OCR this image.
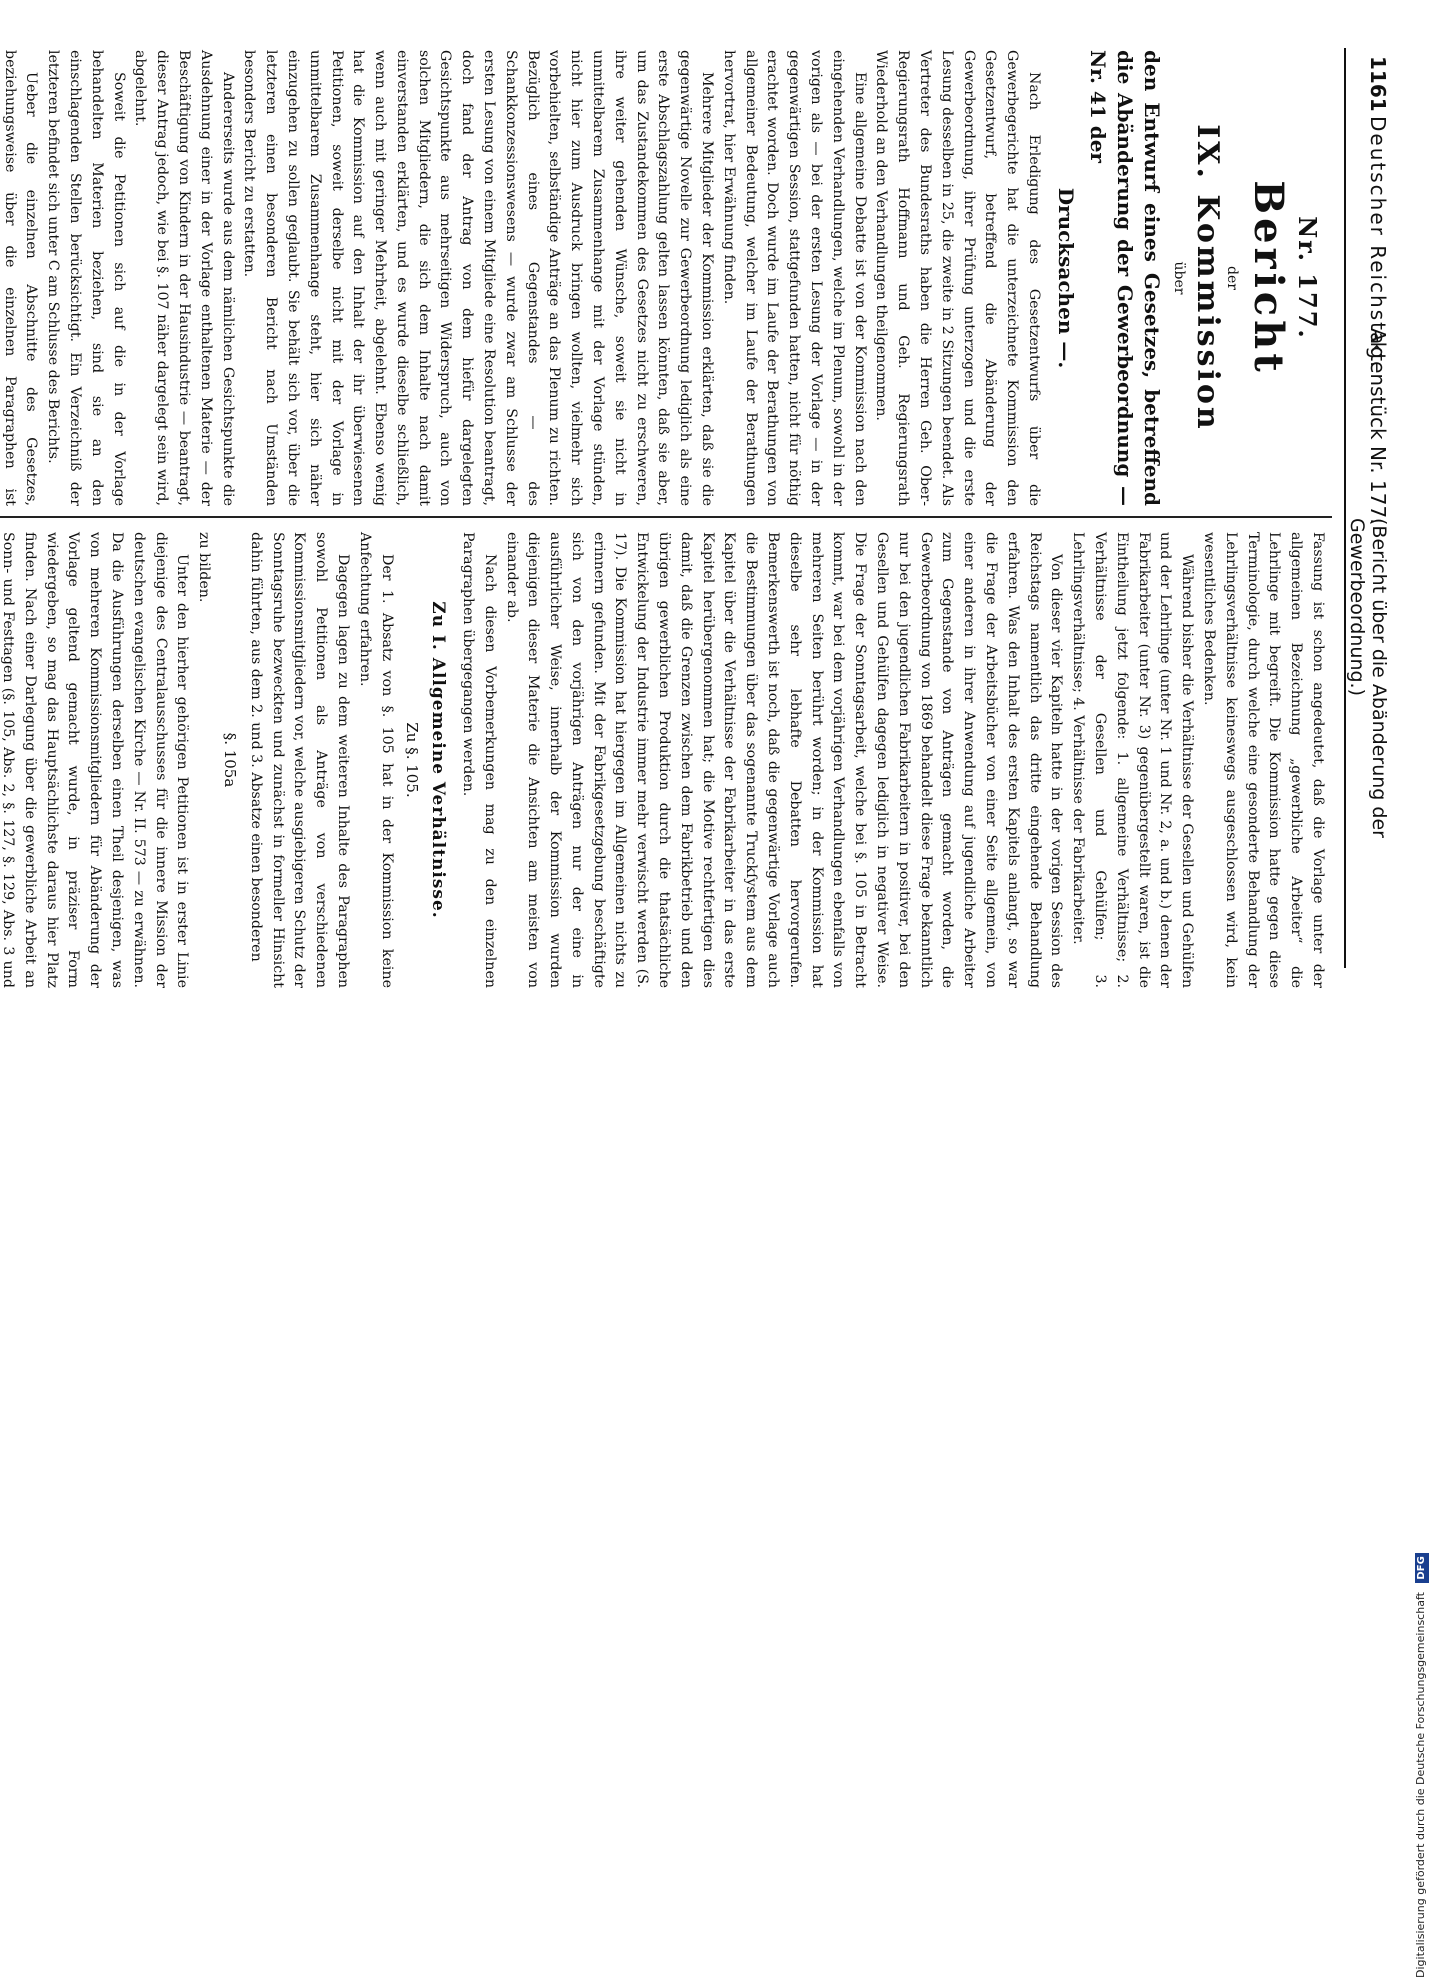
1161
Deutscher Reichstag.
Aktenstück Nr. 177.
(Bericht über die Abänderung der Gewerbeordnung.)
Nr. 177.
Bericht
der
IX. Kommission
über
den Entwurf eines Gesetzes, betreffend die Abänderung der Gewerbeordnung — Nr. 41 der
Drucksachen —.

Nach Erledigung des Gesetzentwurfs über die Gewerbegerichte hat die unterzeichnete Kommission den Gesetzentwurf, betreffend die Abänderung der Gewerbeordnung, ihrer Prüfung unterzogen und die erste Lesung desselben in 25, die zweite in 2 Sitzungen beendet. Als Vertreter des Bundesraths haben die Herren Geh. Ober-Regierungsrath Hoffmann und Geh. Regierungsrath Wiederhold an den Verhandlungen theilgenommen.

Eine allgemeine Debatte ist von der Kommission nach den eingehenden Verhandlungen, welche im Plenum, sowohl in der vorigen als — bei der ersten Lesung der Vorlage — in der gegenwärtigen Session, stattgefunden hatten, nicht für nöthig erachtet worden. Doch wurde im Laufe der Berathungen von allgemeiner Bedeutung, welcher im Laufe der Berathungen hervortrat, hier Erwähnung finden.

Mehrere Mitglieder der Kommission erklärten, daß sie die gegenwärtige Novelle zur Gewerbeordnung lediglich als eine erste Abschlagszahlung gelten lassen könnten, daß sie aber, um das Zustandekommen des Gesetzes nicht zu erschweren, ihre weiter gehenden Wünsche, soweit sie nicht in unmittelbarem Zusammenhange mit der Vorlage stünden, nicht hier zum Ausdruck bringen wollten, vielmehr sich vorbehielten, selbständige Anträge an das Plenum zu richten. Bezüglich eines Gegenstandes — des Schankkonzessionswesens — wurde zwar am Schlusse der ersten Lesung von einem Mitgliede eine Resolution beantragt, doch fand der Antrag von dem hiefür dargelegten Gesichtspunkte aus mehrseitigen Widerspruch, auch von solchen Mitgliedern, die sich dem Inhalte nach damit einverstanden erklärten, und es wurde dieselbe schließlich, wenn auch mit geringer Mehrheit, abgelehnt. Ebenso wenig hat die Kommission auf den Inhalt der ihr überwiesenen Petitionen, soweit derselbe nicht mit der Vorlage in unmittelbarem Zusammenhange steht, hier sich näher einzugehen zu sollen geglaubt. Sie behält sich vor, über die letzteren einen besonderen Bericht nach Umständen besonders Bericht zu erstatten.

Andererseits wurde aus dem nämlichen Gesichtspunkte die Ausdehnung einer in der Vorlage enthaltenen Materie — der Beschäftigung von Kindern in der Hausindustrie — beantragt, dieser Antrag jedoch, wie bei §. 107 näher dargelegt sein wird, abgelehnt.

Soweit die Petitionen sich auf die in der Vorlage behandelten Materien beziehen, sind sie an den einschlagenden Stellen berücksichtigt. Ein Verzeichniß der letzteren befindet sich unter C am Schlusse des Berichts.

Ueber die einzelnen Abschnitte des Gesetzes, beziehungsweise über die einzelnen Paragraphen ist

Fassung ist schon angedeutet, daß die Vorlage unter der allgemeinen Bezeichnung „gewerbliche Arbeiter“ die Lehrlinge mit begreift. Die Kommission hatte gegen diese Terminologie, durch welche eine gesonderte Behandlung der Lehrlingsverhältnisse keineswegs ausgeschlossen wird, kein wesentliches Bedenken.

Während bisher die Verhältnisse der Gesellen und Gehülfen und der Lehrlinge (unter Nr. 1 und Nr. 2, a. und b.) denen der Fabrikarbeiter (unter Nr. 3) gegenübergestellt waren, ist die Eintheilung jetzt folgende: 1. allgemeine Verhältnisse; 2. Verhältnisse der Gesellen und Gehülfen; 3. Lehrlingsverhältnisse; 4. Verhältnisse der Fabrikarbeiter.

Von dieser vier Kapiteln hatte in der vorigen Session des Reichstags namentlich das dritte eingehende Behandlung erfahren. Was den Inhalt des ersten Kapitels anlangt, so war die Frage der Arbeitsbücher von einer Seite allgemein, von einer anderen in ihrer Anwendung auf jugendliche Arbeiter zum Gegenstande von Anträgen gemacht worden, die Gewerbeordnung von 1869 behandelt diese Frage bekanntlich nur bei den jugendlichen Fabrikarbeitern in positiver, bei den Gesellen und Gehülfen dagegen lediglich in negativer Weise. Die Frage der Sonntagsarbeit, welche bei §. 105 in Betracht kommt, war bei dem vorjährigen Verhandlungen ebenfalls von mehreren Seiten berührt worden; in der Kommission hat dieselbe sehr lebhafte Debatten hervorgerufen. Bemerkenswerth ist noch, daß die gegenwärtige Vorlage auch die Bestimmungen über das sogenannte Truckſystem aus dem Kapitel über die Verhältnisse der Fabrikarbeiter in das erste Kapitel herübergenommen hat; die Motive rechtfertigen dies damit, daß die Grenzen zwischen dem Fabrikbetrieb und den übrigen gewerblichen Produktion durch die thatsächliche Entwickelung der Industrie immer mehr verwischt werden (S. 17). Die Kommission hat hiergegen im Allgemeinen nichts zu erinnern gefunden. Mit der Fabrikgesetzgebung beschäftigte sich von den vorjährigen Anträgen nur der eine in ausführlicher Weise, innerhalb der Kommission wurden diejenigen dieser Materie die Ansichten am meisten von einander ab.

Nach diesen Vorbemerkungen mag zu den einzelnen Paragraphen übergegangen werden.

Zu I. Allgemeine Verhältnisse.
Zu §. 105.

Der 1. Absatz von §. 105 hat in der Kommission keine Anfechtung erfahren.

Dagegen lagen zu dem weiteren Inhalte des Paragraphen sowohl Petitionen als Anträge von verschiedenen Kommissionsmitgliedern vor, welche ausgiebigeren Schutz der Sonntagsruhe bezweckten und zunächst in formeller Hinsicht dahin führten, aus dem 2. und 3. Absatze einen besonderen

§. 105a

zu bilden.

Unter den hierher gehörigen Petitionen ist in erster Linie diejenige des Centralausschusses für die innere Mission der deutschen evangelischen Kirche — Nr. II. 573 — zu erwähnen. Da die Ausführungen derselben einen Theil desjenigen, was von mehreren Kommissionsmitgliedern für Abänderung der Vorlage geltend gemacht wurde, in präziser Form wiedergeben, so mag das Hauptsächlichste daraus hier Platz finden. Nach einer Darlegung über die gewerbliche Arbeit an Sonn- und Festtagen (§. 105, Abs. 2, §. 127, §. 129, Abs. 3 und

Digitalisierung gefördert durch die Deutsche Forschungsgemeinschaft DFG
